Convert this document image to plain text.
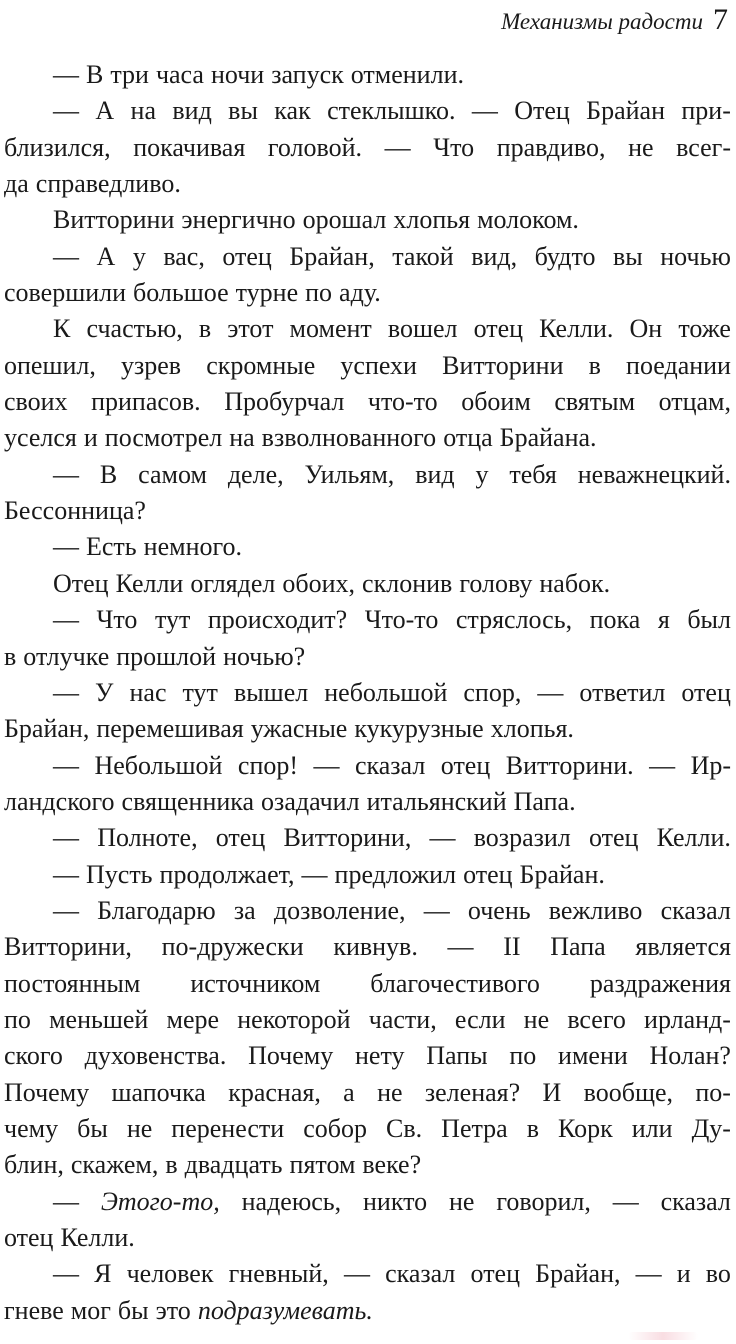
Механизмы радости 7
— В три часа ночи запуск отменили.
— А на вид вы как стеклышко. — Отец Брайан при-
близился, покачивая головой. — Что правдиво, не всег-
да справедливо.
Витторини энергично орошал хлопья молоком.
— А у вас, отец Брайан, такой вид, будто вы ночью
совершили большое турне по аду.
К счастью, в этот момент вошел отец Келли. Он тоже
опешил, узрев скромные успехи Витторини в поедании
своих припасов. Пробурчал что-то обоим святым отцам,
уселся и посмотрел на взволнованного отца Брайана.
— В самом деле, Уильям, вид у тебя неважнецкий.
Бессонница?
— Есть немного.
Отец Келли оглядел обоих, склонив голову набок.
— Что тут происходит? Что-то стряслось, пока я был
в отлучке прошлой ночью?
— У нас тут вышел небольшой спор, — ответил отец
Брайан, перемешивая ужасные кукурузные хлопья.
— Небольшой спор! — сказал отец Витторини. — Ир-
ландского священника озадачил итальянский Папа.
— Полноте, отец Витторини, — возразил отец Келли.
— Пусть продолжает, — предложил отец Брайан.
— Благодарю за дозволение, — очень вежливо сказал
Витторини, по-дружески кивнув. — II Папа является
постоянным источником благочестивого раздражения
по меньшей мере некоторой части, если не всего ирланд-
ского духовенства. Почему нету Папы по имени Нолан?
Почему шапочка красная, а не зеленая? И вообще, по-
чему бы не перенести собор Св. Петра в Корк или Ду-
блин, скажем, в двадцать пятом веке?
— Этого-то, надеюсь, никто не говорил, — сказал
отец Келли.
— Я человек гневный, — сказал отец Брайан, — и во
гневе мог бы это подразумевать.
